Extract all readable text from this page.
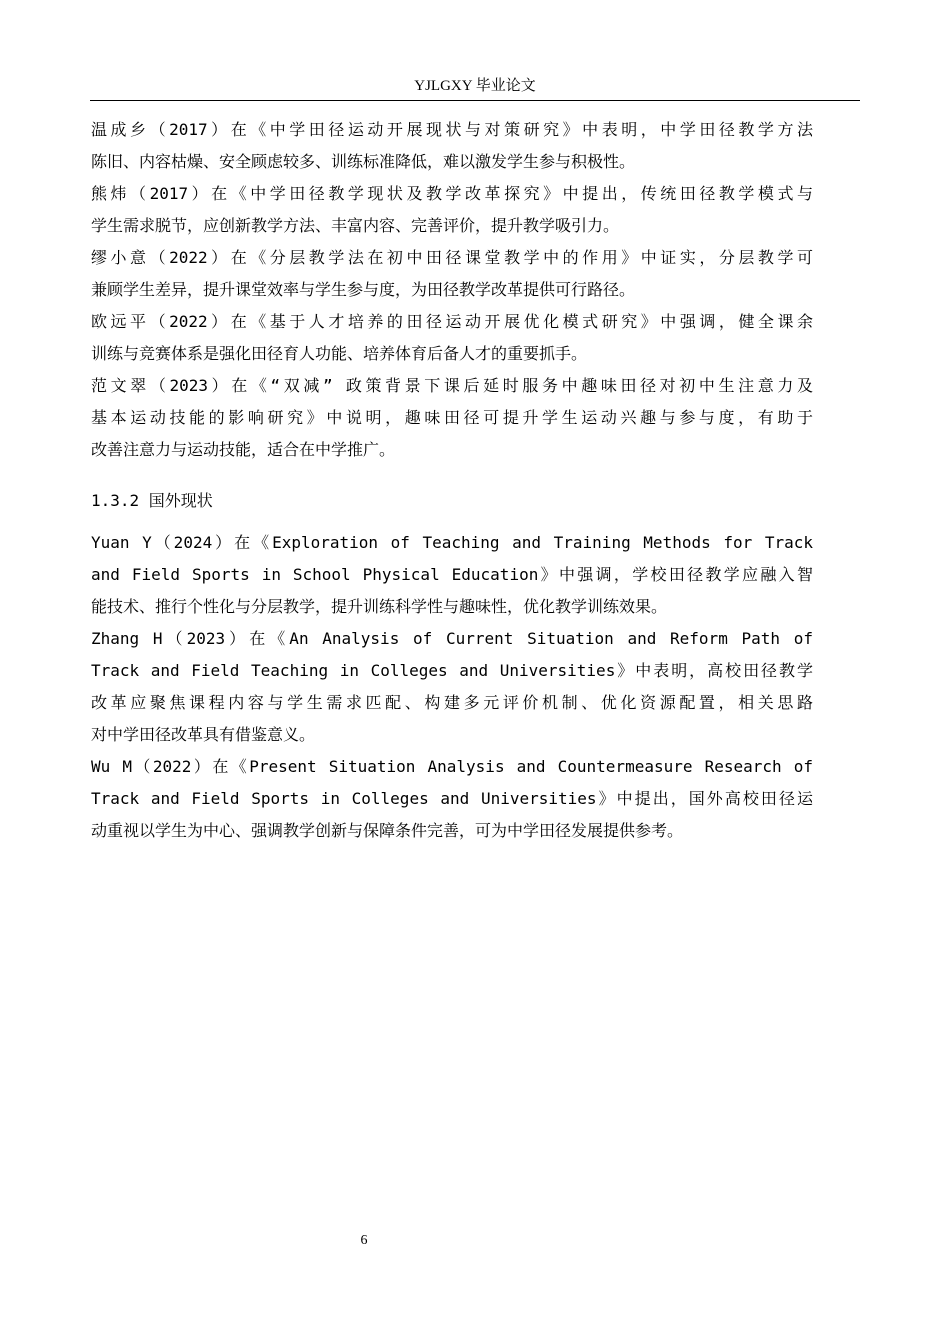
YJLGXY 毕业论文

温成乡（2017）在《中学田径运动开展现状与对策研究》中表明，中学田径教学方法
陈旧、内容枯燥、安全顾虑较多、训练标准降低，难以激发学生参与积极性。

熊炜（2017）在《中学田径教学现状及教学改革探究》中提出，传统田径教学模式与
学生需求脱节，应创新教学方法、丰富内容、完善评价，提升教学吸引力。

缪小意（2022）在《分层教学法在初中田径课堂教学中的作用》中证实，分层教学可
兼顾学生差异，提升课堂效率与学生参与度，为田径教学改革提供可行路径。

欧远平（2022）在《基于人才培养的田径运动开展优化模式研究》中强调，健全课余
训练与竞赛体系是强化田径育人功能、培养体育后备人才的重要抓手。

范文翠（2023）在《“双减” 政策背景下课后延时服务中趣味田径对初中生注意力及
基本运动技能的影响研究》中说明，趣味田径可提升学生运动兴趣与参与度，有助于
改善注意力与运动技能，适合在中学推广。

1.3.2 国外现状

Yuan Y（2024）在《Exploration of Teaching and Training Methods for Track
and Field Sports in School Physical Education》中强调，学校田径教学应融入智
能技术、推行个性化与分层教学，提升训练科学性与趣味性，优化教学训练效果。

Zhang H（2023）在《An Analysis of Current Situation and Reform Path of
Track and Field Teaching in Colleges and Universities》中表明，高校田径教学
改革应聚焦课程内容与学生需求匹配、构建多元评价机制、优化资源配置，相关思路
对中学田径改革具有借鉴意义。

Wu M（2022）在《Present Situation Analysis and Countermeasure Research of
Track and Field Sports in Colleges and Universities》中提出，国外高校田径运
动重视以学生为中心、强调教学创新与保障条件完善，可为中学田径发展提供参考。

6
